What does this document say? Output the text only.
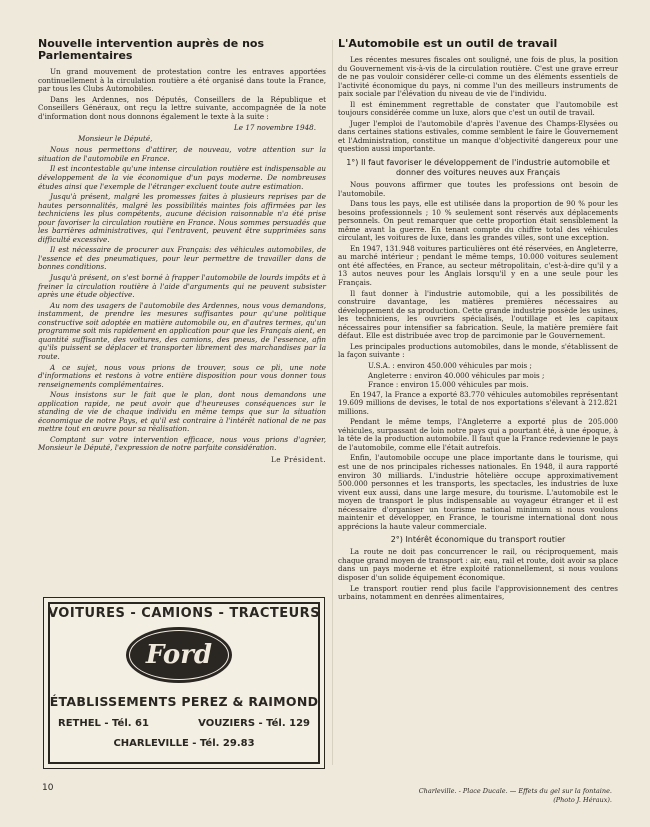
Nouvelle intervention auprès de nos Parlementaires

Un grand mouvement de protestation contre les entraves apportées continuellement à la circulation routière a été organisé dans toute la France, par tous les Clubs Automobiles.

Dans les Ardennes, nos Députés, Conseillers de la République et Conseillers Généraux, ont reçu la lettre suivante, accompagnée de la note d'information dont nous donnons également le texte à la suite :

Le 17 novembre 1948.

Monsieur le Député,

Nous nous permettons d'attirer, de nouveau, votre attention sur la situation de l'automobile en France.

Il est incontestable qu'une intense circulation routière est indispensable au développement de la vie économique d'un pays moderne. De nombreuses études ainsi que l'exemple de l'étranger excluent toute autre estimation.

Jusqu'à présent, malgré les promesses faites à plusieurs reprises par de hautes personnalités, malgré les possibilités maintes fois affirmées par les techniciens les plus compétents, aucune décision raisonnable n'a été prise pour favoriser la circulation routière en France. Nous sommes persuadés que les barrières administratives, qui l'entravent, peuvent être supprimées sans difficulté excessive.

Il est nécessaire de procurer aux Français: des véhicules automobiles, de l'essence et des pneumatiques, pour leur permettre de travailler dans de bonnes conditions.

Jusqu'à présent, on s'est borné à frapper l'automobile de lourds impôts et à freiner la circulation routière à l'aide d'arguments qui ne peuvent subsister après une étude objective.

Au nom des usagers de l'automobile des Ardennes, nous vous demandons, instamment, de prendre les mesures suffisantes pour qu'une politique constructive soit adoptée en matière automobile ou, en d'autres termes, qu'un programme soit mis rapidement en application pour que les Français aient, en quantité suffisante, des voitures, des camions, des pneus, de l'essence, afin qu'ils puissent se déplacer et transporter librement des marchandises par la route.

A ce sujet, nous vous prions de trouver, sous ce pli, une note d'informations et restons à votre entière disposition pour vous donner tous renseignements complémentaires.

Nous insistons sur le fait que le plan, dont nous demandons une application rapide, ne peut avoir que d'heureuses conséquences sur le standing de vie de chaque individu en même temps que sur la situation économique de notre Pays, et qu'il est contraire à l'intérêt national de ne pas mettre tout en œuvre pour sa réalisation.

Comptant sur votre intervention efficace, nous vous prions d'agréer, Monsieur le Député, l'expression de notre parfaite considération.

Le Président.

VOITURES - CAMIONS - TRACTEURS
Ford
ÉTABLISSEMENTS PEREZ & RAIMOND
RETHEL - Tél. 61	VOUZIERS - Tél. 129
CHARLEVILLE - Tél. 29.83
L'Automobile est un outil de travail

Les récentes mesures fiscales ont souligné, une fois de plus, la position du Gouvernement vis-à-vis de la circulation routière. C'est une grave erreur de ne pas vouloir considérer celle-ci comme un des éléments essentiels de l'activité économique du pays, ni comme l'un des meilleurs instruments de paix sociale par l'élévation du niveau de vie de l'individu.

Il est éminemment regrettable de constater que l'automobile est toujours considérée comme un luxe, alors que c'est un outil de travail.

Juger l'emploi de l'automobile d'après l'avenue des Champs-Elysées ou dans certaines stations estivales, comme semblent le faire le Gouvernement et l'Administration, constitue un manque d'objectivité dangereux pour une question aussi importante.

1°) Il faut favoriser le développement de l'industrie automobile et donner des voitures neuves aux Français

Nous pouvons affirmer que toutes les professions ont besoin de l'automobile.

Dans tous les pays, elle est utilisée dans la proportion de 90 % pour les besoins professionnels ; 10 % seulement sont réservés aux déplacements personnels. On peut remarquer que cette proportion était sensiblement la même avant la guerre. En tenant compte du chiffre total des véhicules circulant, les voitures de luxe, dans les grandes villes, sont une exception.

En 1947, 131.948 voitures particulières ont été réservées, en Angleterre, au marché intérieur ; pendant le même temps, 10.000 voitures seulement ont été affectées, en France, au secteur métropolitain, c'est-à-dire qu'il y a 13 autos neuves pour les Anglais lorsqu'il y en a une seule pour les Français.

Il faut donner à l'industrie automobile, qui a les possibilités de construire davantage, les matières premières nécessaires au développement de sa production. Cette grande industrie possède les usines, les techniciens, les ouvriers spécialisés, l'outillage et les capitaux nécessaires pour intensifier sa fabrication. Seule, la matière première fait défaut. Elle est distribuée avec trop de parcimonie par le Gouvernement.

Les principales productions automobiles, dans le monde, s'établissent de la façon suivante :

U.S.A. : environ 450.000 véhicules par mois ;

Angleterre : environ 40.000 véhicules par mois ;

France : environ 15.000 véhicules par mois.

En 1947, la France a exporté 83.770 véhicules automobiles représentant 19.609 millions de devises, le total de nos exportations s'élevant à 212.821 millions.

Pendant le même temps, l'Angleterre a exporté plus de 205.000 véhicules, surpassant de loin notre pays qui a pourtant été, à une époque, à la tête de la production automobile. Il faut que la France redevienne le pays de l'automobile, comme elle l'était autrefois.

Enfin, l'automobile occupe une place importante dans le tourisme, qui est une de nos principales richesses nationales. En 1948, il aura rapporté environ 30 milliards. L'industrie hôtelière occupe approximativement 500.000 personnes et les transports, les spectacles, les industries de luxe vivent eux aussi, dans une large mesure, du tourisme. L'automobile est le moyen de transport le plus indispensable au voyageur étranger et il est nécessaire d'organiser un tourisme national minimum si nous voulons maintenir et développer, en France, le tourisme international dont nous apprécions la haute valeur commerciale.

2°) Intérêt économique du transport routier

La route ne doit pas concurrencer le rail, ou réciproquement, mais chaque grand moyen de transport : air, eau, rail et route, doit avoir sa place dans un pays moderne et être exploité rationnellement, si nous voulons disposer d'un solide équipement économique.

Le transport routier rend plus facile l'approvisionnement des centres urbains, notamment en denrées alimentaires,

10	Charleville. - Place Ducale. — Effets du gel sur la fontaine.
(Photo J. Héraux).
